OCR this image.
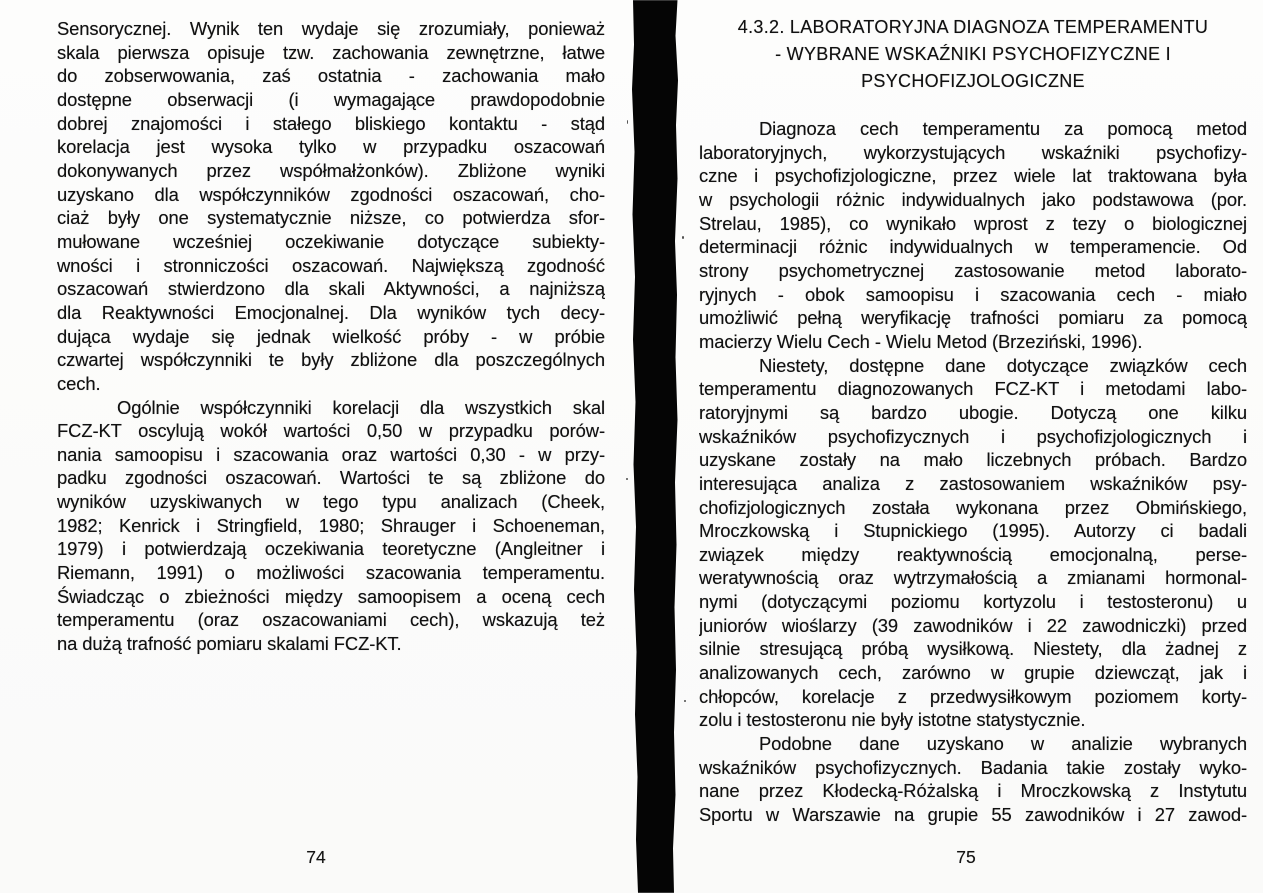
Sensorycznej. Wynik ten wydaje się zrozumiały, ponieważ
skala pierwsza opisuje tzw. zachowania zewnętrzne, łatwe
do zobserwowania, zaś ostatnia - zachowania mało
dostępne obserwacji (i wymagające prawdopodobnie
dobrej znajomości i stałego bliskiego kontaktu - stąd
korelacja jest wysoka tylko w przypadku oszacowań
dokonywanych przez współmałżonków). Zbliżone wyniki
uzyskano dla współczynników zgodności oszacowań, cho-
ciaż były one systematycznie niższe, co potwierdza sfor-
mułowane wcześniej oczekiwanie dotyczące subiekty-
wności i stronniczości oszacowań. Największą zgodność
oszacowań stwierdzono dla skali Aktywności, a najniższą
dla Reaktywności Emocjonalnej. Dla wyników tych decy-
dująca wydaje się jednak wielkość próby - w próbie
czwartej współczynniki te były zbliżone dla poszczególnych
cech.
Ogólnie współczynniki korelacji dla wszystkich skal
FCZ-KT oscylują wokół wartości 0,50 w przypadku porów-
nania samoopisu i szacowania oraz wartości 0,30 - w przy-
padku zgodności oszacowań. Wartości te są zbliżone do
wyników uzyskiwanych w tego typu analizach (Cheek,
1982; Kenrick i Stringfield, 1980; Shrauger i Schoeneman,
1979) i potwierdzają oczekiwania teoretyczne (Angleitner i
Riemann, 1991) o możliwości szacowania temperamentu.
Świadcząc o zbieżności między samoopisem a oceną cech
temperamentu (oraz oszacowaniami cech), wskazują też
na dużą trafność pomiaru skalami FCZ-KT.
4.3.2. LABORATORYJNA DIAGNOZA TEMPERAMENTU
- WYBRANE WSKAŹNIKI PSYCHOFIZYCZNE I
PSYCHOFIZJOLOGICZNE
Diagnoza cech temperamentu za pomocą metod
laboratoryjnych, wykorzystujących wskaźniki psychofizy-
czne i psychofizjologiczne, przez wiele lat traktowana była
w psychologii różnic indywidualnych jako podstawowa (por.
Strelau, 1985), co wynikało wprost z tezy o biologicznej
determinacji różnic indywidualnych w temperamencie. Od
strony psychometrycznej zastosowanie metod laborato-
ryjnych - obok samoopisu i szacowania cech - miało
umożliwić pełną weryfikację trafności pomiaru za pomocą
macierzy Wielu Cech - Wielu Metod (Brzeziński, 1996).
Niestety, dostępne dane dotyczące związków cech
temperamentu diagnozowanych FCZ-KT i metodami labo-
ratoryjnymi są bardzo ubogie. Dotyczą one kilku
wskaźników psychofizycznych i psychofizjologicznych i
uzyskane zostały na mało liczebnych próbach. Bardzo
interesująca analiza z zastosowaniem wskaźników psy-
chofizjologicznych została wykonana przez Obmińskiego,
Mroczkowską i Stupnickiego (1995). Autorzy ci badali
związek między reaktywnością emocjonalną, perse-
weratywnością oraz wytrzymałością a zmianami hormonal-
nymi (dotyczącymi poziomu kortyzolu i testosteronu) u
juniorów wioślarzy (39 zawodników i 22 zawodniczki) przed
silnie stresującą próbą wysiłkową. Niestety, dla żadnej z
analizowanych cech, zarówno w grupie dziewcząt, jak i
chłopców, korelacje z przedwysiłkowym poziomem korty-
zolu i testosteronu nie były istotne statystycznie.
Podobne dane uzyskano w analizie wybranych
wskaźników psychofizycznych. Badania takie zostały wyko-
nane przez Kłodecką-Różalską i Mroczkowską z Instytutu
Sportu w Warszawie na grupie 55 zawodników i 27 zawod-
74	75
